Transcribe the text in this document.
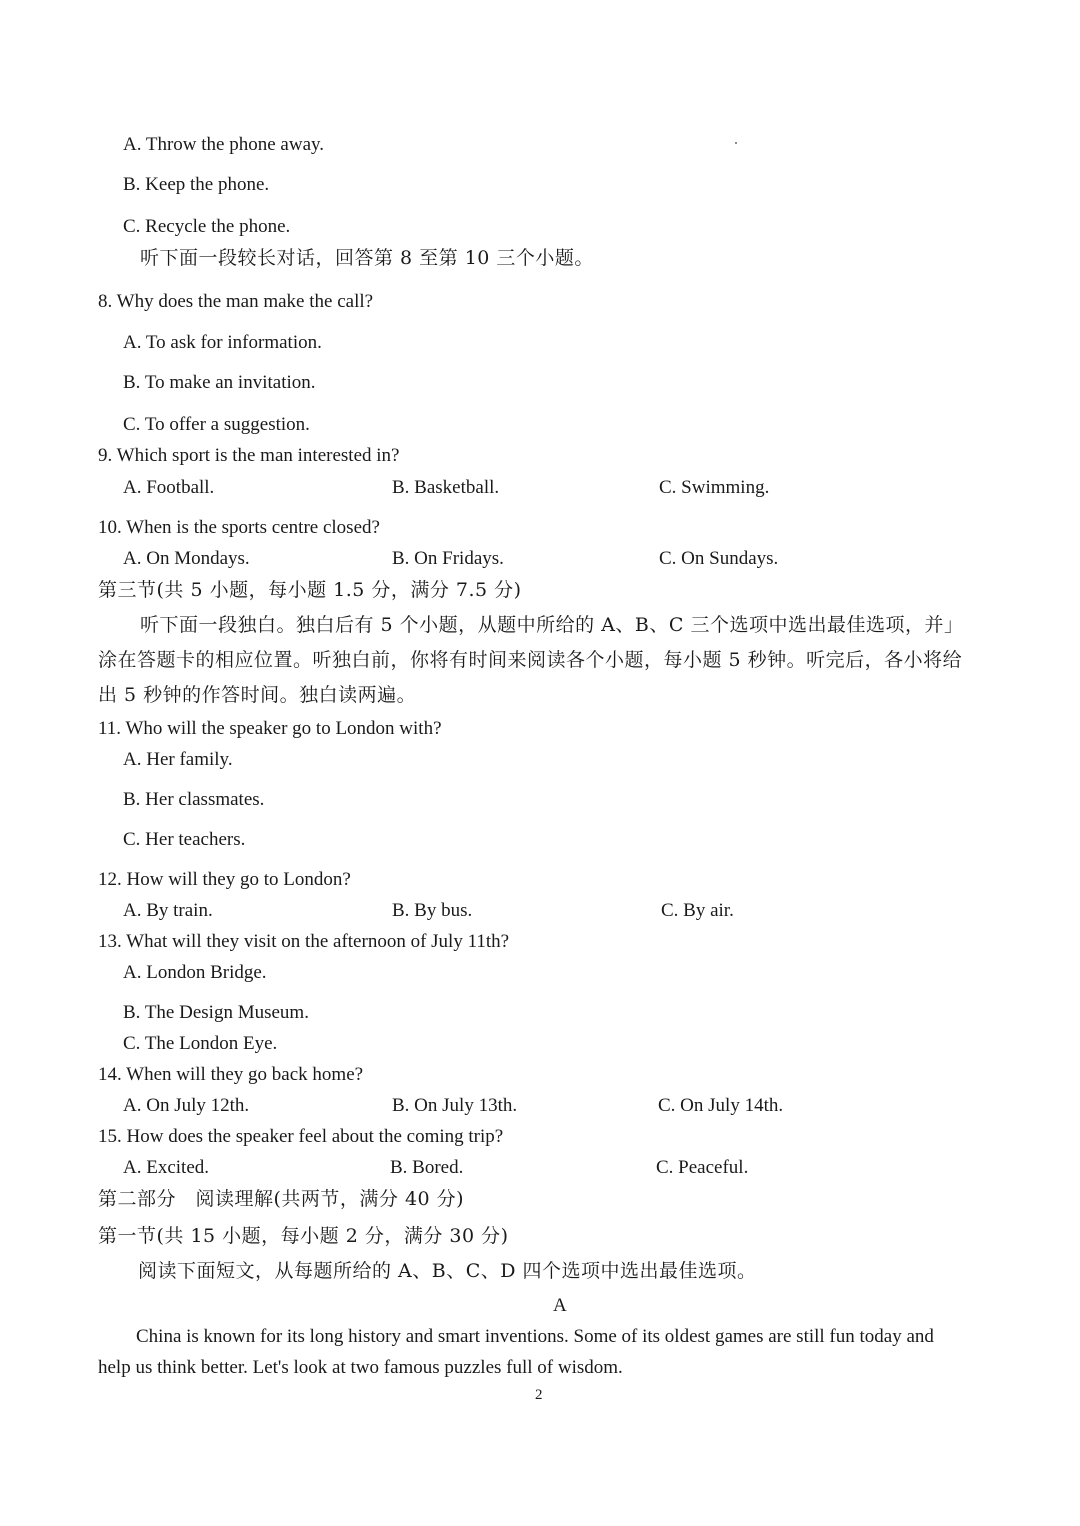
A. Throw the phone away.
B. Keep the phone.
C. Recycle the phone.
听下面一段较长对话，回答第 8 至第 10 三个小题。
8. Why does the man make the call?
A. To ask for information.
B. To make an invitation.
C. To offer a suggestion.
9. Which sport is the man interested in?
A. Football.	B. Basketball.	C. Swimming.
10. When is the sports centre closed?
A. On Mondays.	B. On Fridays.	C. On Sundays.
第三节(共 5 小题，每小题 1.5 分，满分 7.5 分)
听下面一段独白。独白后有 5 个小题，从题中所给的 A、B、C 三个选项中选出最佳选项，并」
涂在答题卡的相应位置。听独白前，你将有时间来阅读各个小题，每小题 5 秒钟。听完后，各小将给
出 5 秒钟的作答时间。独白读两遍。
11. Who will the speaker go to London with?
A. Her family.
B. Her classmates.
C. Her teachers.
12. How will they go to London?
A. By train.	B. By bus.	C. By air.
13. What will they visit on the afternoon of July 11th?
A. London Bridge.
B. The Design Museum.
C. The London Eye.
14. When will they go back home?
A. On July 12th.	B. On July 13th.	C. On July 14th.
15. How does the speaker feel about the coming trip?
A. Excited.	B. Bored.	C. Peaceful.
第二部分　阅读理解(共两节，满分 40 分)
第一节(共 15 小题，每小题 2 分，满分 30 分)
阅读下面短文，从每题所给的 A、B、C、D 四个选项中选出最佳选项。
A
China is known for its long history and smart inventions. Some of its oldest games are still fun today and
help us think better. Let's look at two famous puzzles full of wisdom.
2
